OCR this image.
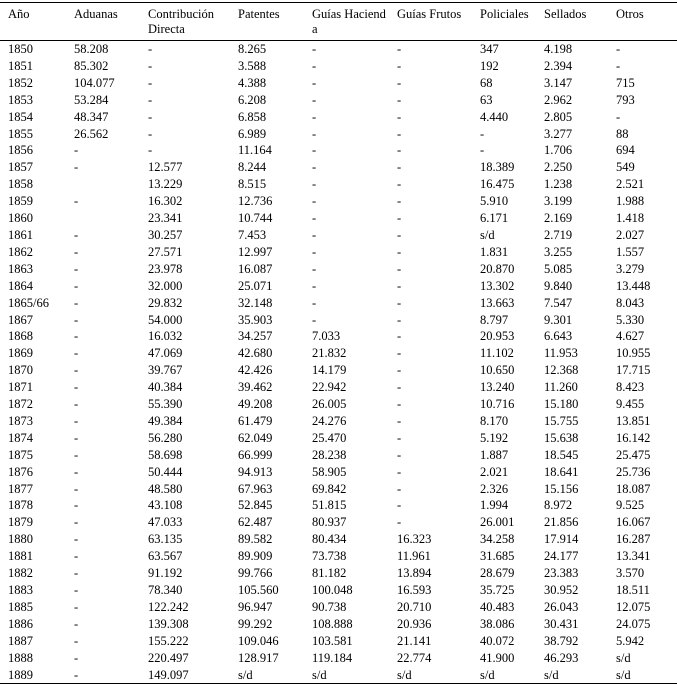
Año	Aduanas	Contribución Directa	Patentes	Guías Hacienda	Guías Frutos	Policiales	Sellados	Otros
1850	58.208	-	8.265	-	-	347	4.198	-
1851	85.302	-	3.588	-	-	192	2.394	-
1852	104.077	-	4.388	-	-	68	3.147	715
1853	53.284	-	6.208	-	-	63	2.962	793
1854	48.347	-	6.858	-	-	4.440	2.805	-
1855	26.562	-	6.989	-	-	-	3.277	88
1856	-	-	11.164	-	-	-	1.706	694
1857	-	12.577	8.244	-	-	18.389	2.250	549
1858		13.229	8.515	-	-	16.475	1.238	2.521
1859	-	16.302	12.736	-	-	5.910	3.199	1.988
1860		23.341	10.744	-	-	6.171	2.169	1.418
1861	-	30.257	7.453	-	-	s/d	2.719	2.027
1862	-	27.571	12.997	-	-	1.831	3.255	1.557
1863	-	23.978	16.087	-	-	20.870	5.085	3.279
1864	-	32.000	25.071	-	-	13.302	9.840	13.448
1865/66	-	29.832	32.148	-	-	13.663	7.547	8.043
1867	-	54.000	35.903	-	-	8.797	9.301	5.330
1868	-	16.032	34.257	7.033	-	20.953	6.643	4.627
1869	-	47.069	42.680	21.832	-	11.102	11.953	10.955
1870	-	39.767	42.426	14.179	-	10.650	12.368	17.715
1871	-	40.384	39.462	22.942	-	13.240	11.260	8.423
1872	-	55.390	49.208	26.005	-	10.716	15.180	9.455
1873	-	49.384	61.479	24.276	-	8.170	15.755	13.851
1874	-	56.280	62.049	25.470	-	5.192	15.638	16.142
1875	-	58.698	66.999	28.238	-	1.887	18.545	25.475
1876	-	50.444	94.913	58.905	-	2.021	18.641	25.736
1877	-	48.580	67.963	69.842	-	2.326	15.156	18.087
1878	-	43.108	52.845	51.815	-	1.994	8.972	9.525
1879	-	47.033	62.487	80.937	-	26.001	21.856	16.067
1880	-	63.135	89.582	80.434	16.323	34.258	17.914	16.287
1881	-	63.567	89.909	73.738	11.961	31.685	24.177	13.341
1882	-	91.192	99.766	81.182	13.894	28.679	23.383	3.570
1883	-	78.340	105.560	100.048	16.593	35.725	30.952	18.511
1885	-	122.242	96.947	90.738	20.710	40.483	26.043	12.075
1886	-	139.308	99.292	108.888	20.936	38.086	30.431	24.075
1887	-	155.222	109.046	103.581	21.141	40.072	38.792	5.942
1888	-	220.497	128.917	119.184	22.774	41.900	46.293	s/d
1889	-	149.097	s/d	s/d	s/d	s/d	s/d	s/d
